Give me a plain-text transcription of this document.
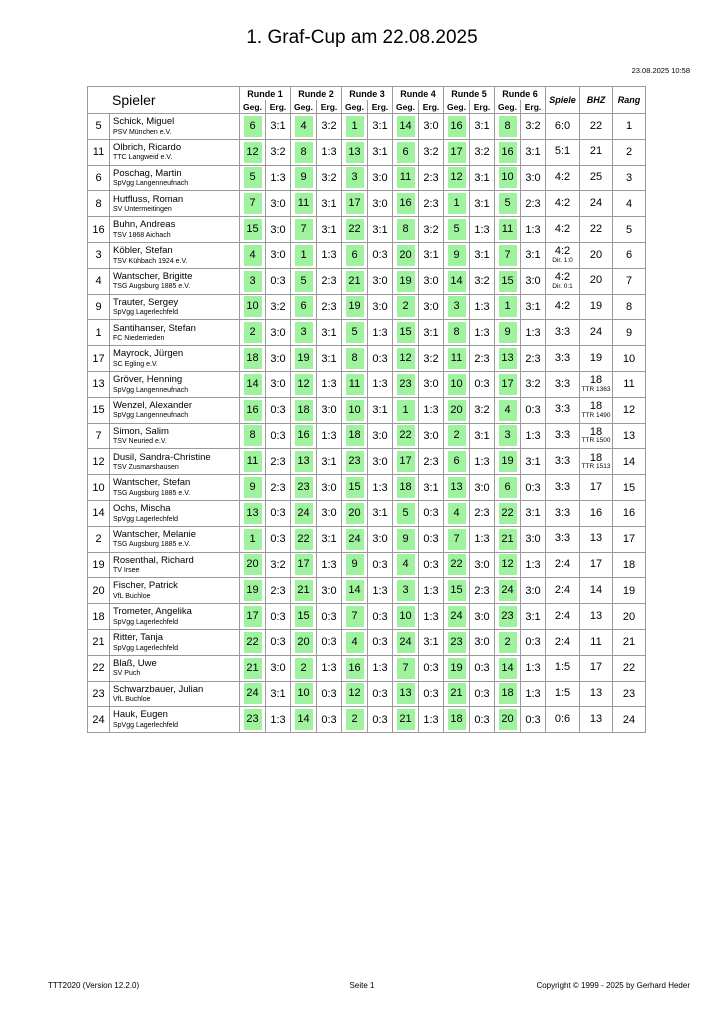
1. Graf-Cup am 22.08.2025
23.08.2025 10:58
Spieler		Runde 1		Runde 2		Runde 3		Runde 4		Runde 5		Runde 6		Spiele	BHZ	Rang
		Geg.	Erg.	Geg.	Erg.	Geg.	Erg.	Geg.	Erg.	Geg.	Erg.	Geg.	Erg.			
5	Schick, Miguel
PSV München e.V.	6	3:1	4	3:2	1	3:1	14	3:0	16	3:1	8	3:2	6:0	22	1
11	Olbrich, Ricardo
TTC Langweid e.V.	12	3:2	8	1:3	13	3:1	6	3:2	17	3:2	16	3:1	5:1	21	2
6	Poschag, Martin
SpVgg Langenneufnach	5	1:3	9	3:2	3	3:0	11	2:3	12	3:1	10	3:0	4:2	25	3
8	Hutfluss, Roman
SV Untermeitingen	7	3:0	11	3:1	17	3:0	16	2:3	1	3:1	5	2:3	4:2	24	4
16	Buhn, Andreas
TSV 1868 Aichach	15	3:0	7	3:1	22	3:1	8	3:2	5	1:3	11	1:3	4:2	22	5
3	Köbler, Stefan
TSV Kühbach 1924 e.V.	4	3:0	1	1:3	6	0:3	20	3:1	9	3:1	7	3:1	4:2
Dir. 1:0	20	6
4	Wantscher, Brigitte
TSG Augsburg 1885 e.V.	3	0:3	5	2:3	21	3:0	19	3:0	14	3:2	15	3:0	4:2
Dir. 0:1	20	7
9	Trauter, Sergey
SpVgg Lagerlechfeld	10	3:2	6	2:3	19	3:0	2	3:0	3	1:3	1	3:1	4:2	19	8
1	Santihanser, Stefan
FC Niederrieden	2	3:0	3	3:1	5	1:3	15	3:1	8	1:3	9	1:3	3:3	24	9
17	Mayrock, Jürgen
SC Egling e.V.	18	3:0	19	3:1	8	0:3	12	3:2	11	2:3	13	2:3	3:3	19	10
13	Gröver, Henning
SpVgg Langenneufnach	14	3:0	12	1:3	11	1:3	23	3:0	10	0:3	17	3:2	3:3	18
TTR 1363	11
15	Wenzel, Alexander
SpVgg Langenneufnach	16	0:3	18	3:0	10	3:1	1	1:3	20	3:2	4	0:3	3:3	18
TTR 1490	12
7	Simon, Salim
TSV Neuried e.V.	8	0:3	16	1:3	18	3:0	22	3:0	2	3:1	3	1:3	3:3	18
TTR 1500	13
12	Dusil, Sandra-Christine
TSV Zusmarshausen	11	2:3	13	3:1	23	3:0	17	2:3	6	1:3	19	3:1	3:3	18
TTR 1513	14
10	Wantscher, Stefan
TSG Augsburg 1885 e.V.	9	2:3	23	3:0	15	1:3	18	3:1	13	3:0	6	0:3	3:3	17	15
14	Ochs, Mischa
SpVgg Lagerlechfeld	13	0:3	24	3:0	20	3:1	5	0:3	4	2:3	22	3:1	3:3	16	16
2	Wantscher, Melanie
TSG Augsburg 1885 e.V.	1	0:3	22	3:1	24	3:0	9	0:3	7	1:3	21	3:0	3:3	13	17
19	Rosenthal, Richard
TV Irsee	20	3:2	17	1:3	9	0:3	4	0:3	22	3:0	12	1:3	2:4	17	18
20	Fischer, Patrick
VfL Buchloe	19	2:3	21	3:0	14	1:3	3	1:3	15	2:3	24	3:0	2:4	14	19
18	Trometer, Angelika
SpVgg Lagerlechfeld	17	0:3	15	0:3	7	0:3	10	1:3	24	3:0	23	3:1	2:4	13	20
21	Ritter, Tanja
SpVgg Lagerlechfeld	22	0:3	20	0:3	4	0:3	24	3:1	23	3:0	2	0:3	2:4	11	21
22	Blaß, Uwe
SV Puch	21	3:0	2	1:3	16	1:3	7	0:3	19	0:3	14	1:3	1:5	17	22
23	Schwarzbauer, Julian
VfL Buchloe	24	3:1	10	0:3	12	0:3	13	0:3	21	0:3	18	1:3	1:5	13	23
24	Hauk, Eugen
SpVgg Lagerlechfeld	23	1:3	14	0:3	2	0:3	21	1:3	18	0:3	20	0:3	0:6	13	24
TTT2020 (Version 12.2.0)	Seite 1	Copyright © 1999 - 2025 by Gerhard Heder
